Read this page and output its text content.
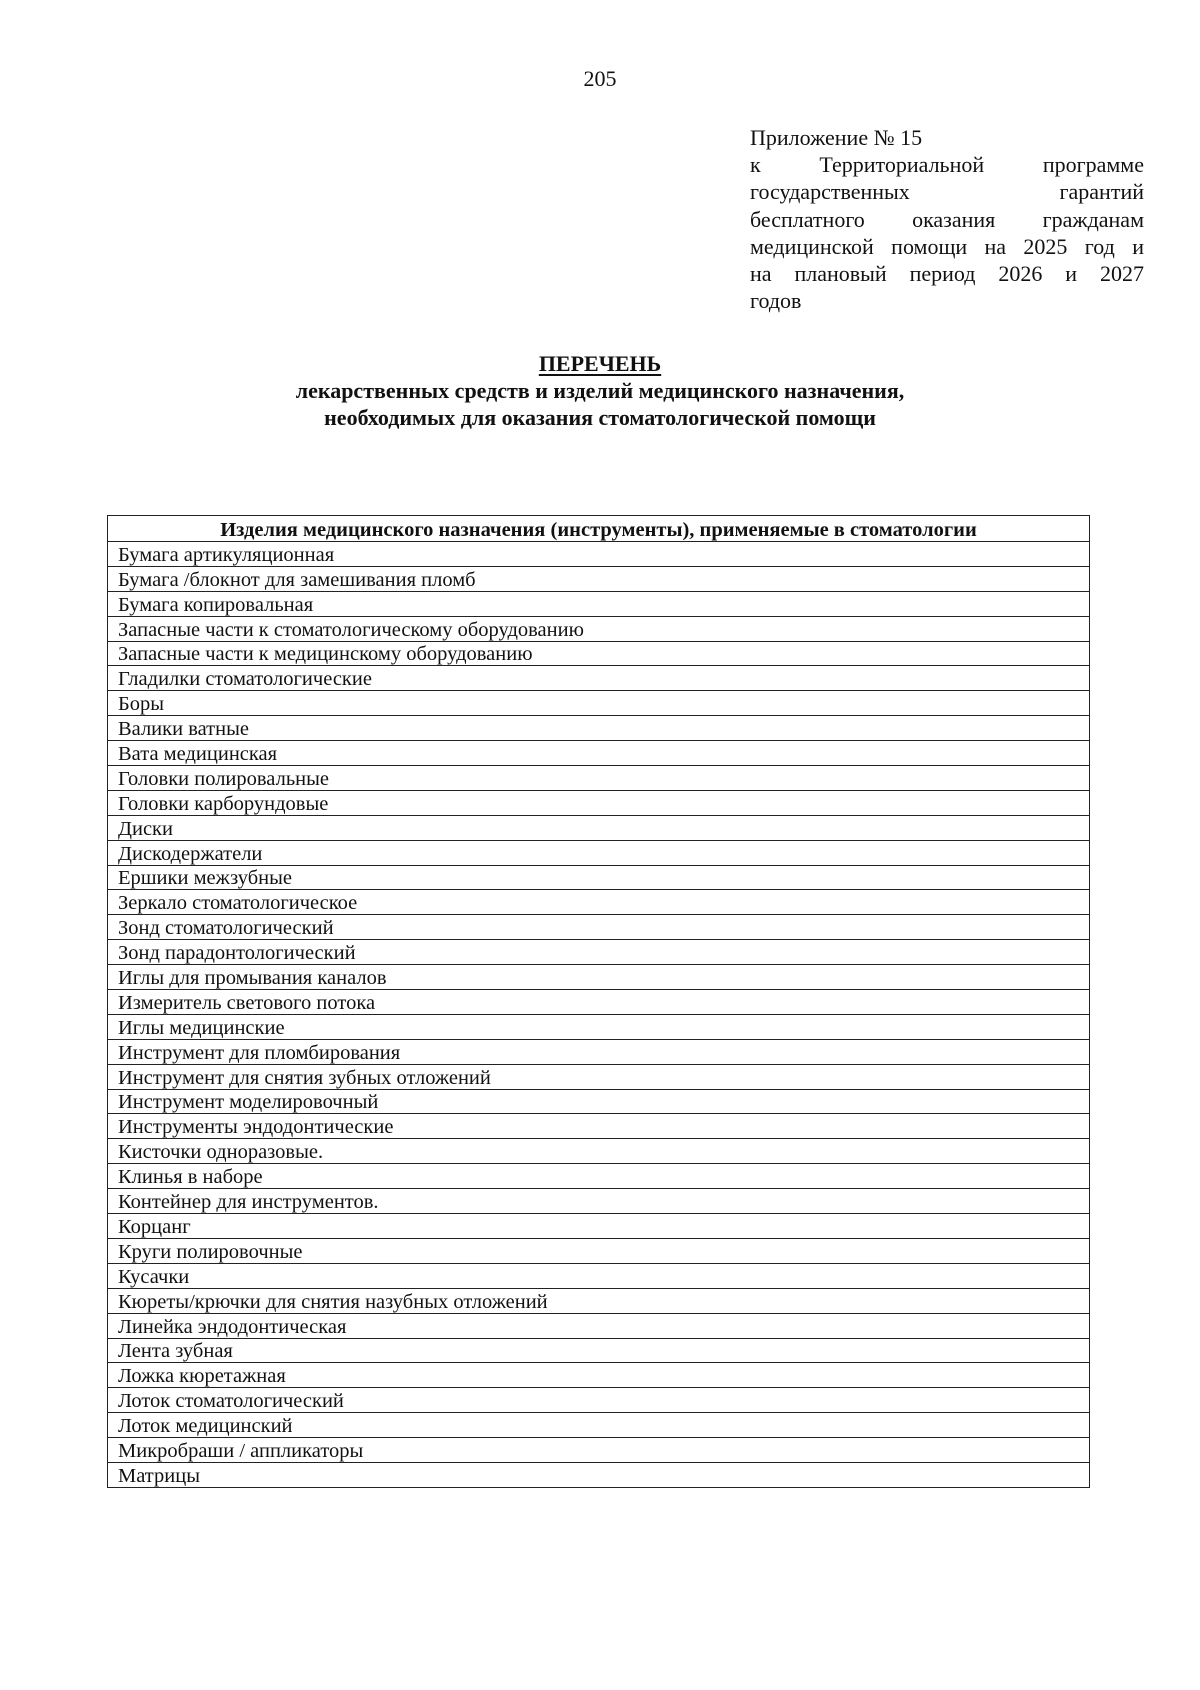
205
Приложение № 15
к Территориальной программе
государственных гарантий
бесплатного оказания гражданам
медицинской помощи на 2025 год и
на плановый период 2026 и 2027
годов
ПЕРЕЧЕНЬ
лекарственных средств и изделий медицинского назначения,
необходимых для оказания стоматологической помощи
Изделия медицинского назначения (инструменты), применяемые в стоматологии
Бумага артикуляционная
Бумага /блокнот для замешивания пломб
Бумага копировальная
Запасные части к стоматологическому оборудованию
Запасные части к медицинскому оборудованию
Гладилки стоматологические
Боры
Валики ватные
Вата медицинская
Головки полировальные
Головки карборундовые
Диски
Дискодержатели
Ершики межзубные
Зеркало стоматологическое
Зонд стоматологический
Зонд парадонтологический
Иглы для промывания каналов
Измеритель светового потока
Иглы медицинские
Инструмент для пломбирования
Инструмент для снятия зубных отложений
Инструмент моделировочный
Инструменты эндодонтические
Кисточки одноразовые.
Клинья в наборе
Контейнер для инструментов.
Корцанг
Круги полировочные
Кусачки
Кюреты/крючки для снятия назубных отложений
Линейка эндодонтическая
Лента зубная
Ложка кюретажная
Лоток стоматологический
Лоток медицинский
Микробраши / аппликаторы
Матрицы
